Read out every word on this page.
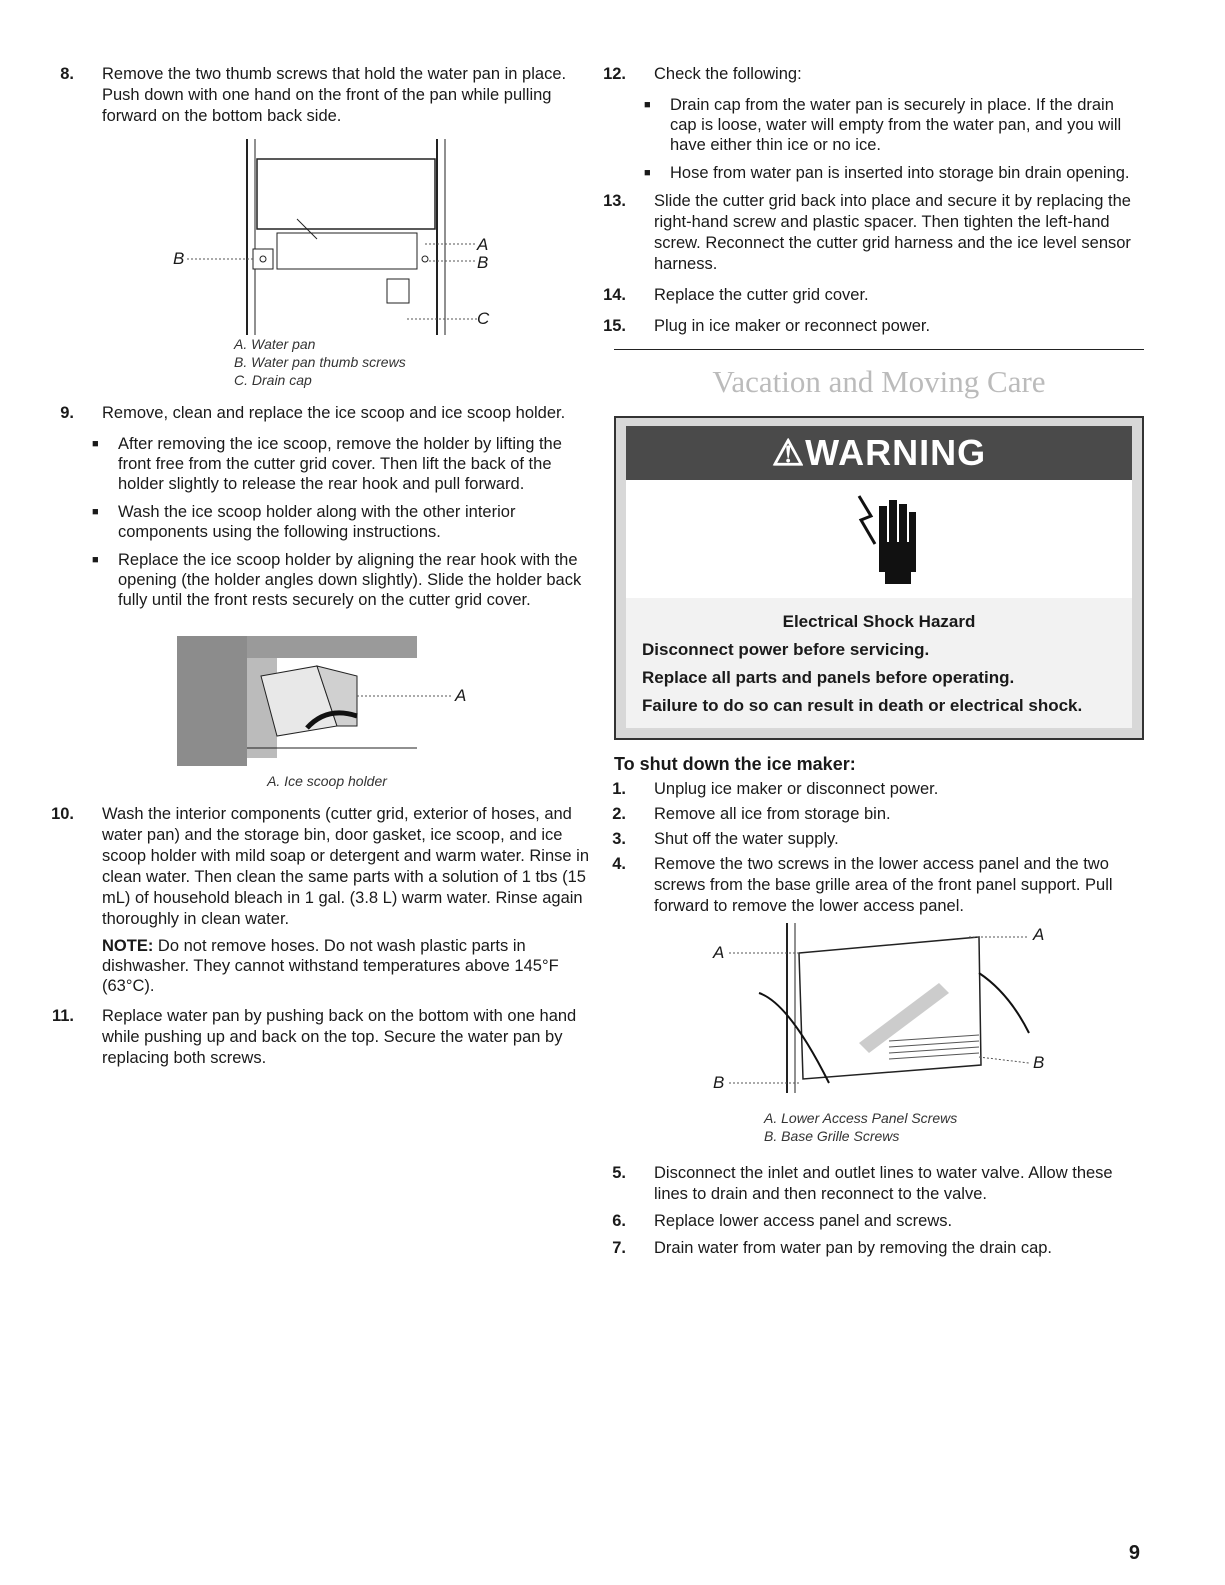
8. Remove the two thumb screws that hold the water pan in place. Push down with one hand on the front of the pan while pulling forward on the bottom back side.
B
A
B
C
A. Water pan
B. Water pan thumb screws
C. Drain cap
9. Remove, clean and replace the ice scoop and ice scoop holder.
■ After removing the ice scoop, remove the holder by lifting the front free from the cutter grid cover. Then lift the back of the holder slightly to release the rear hook and pull forward.
■ Wash the ice scoop holder along with the other interior components using the following instructions.
■ Replace the ice scoop holder by aligning the rear hook with the opening (the holder angles down slightly). Slide the holder back fully until the front rests securely on the cutter grid cover.
A
A. Ice scoop holder
10. Wash the interior components (cutter grid, exterior of hoses, and water pan) and the storage bin, door gasket, ice scoop, and ice scoop holder with mild soap or detergent and warm water. Rinse in clean water. Then clean the same parts with a solution of 1 tbs (15 mL) of household bleach in 1 gal. (3.8 L) warm water. Rinse again thoroughly in clean water.
NOTE: Do not remove hoses. Do not wash plastic parts in dishwasher. They cannot withstand temperatures above 145°F (63°C).
11. Replace water pan by pushing back on the bottom with one hand while pushing up and back on the top. Secure the water pan by replacing both screws.
12. Check the following:
■ Drain cap from the water pan is securely in place. If the drain cap is loose, water will empty from the water pan, and you will have either thin ice or no ice.
■ Hose from water pan is inserted into storage bin drain opening.
13. Slide the cutter grid back into place and secure it by replacing the right-hand screw and plastic spacer. Then tighten the left-hand screw. Reconnect the cutter grid harness and the ice level sensor harness.
14. Replace the cutter grid cover.
15. Plug in ice maker or reconnect power.
Vacation and Moving Care
⚠WARNING
Electrical Shock Hazard
Disconnect power before servicing.
Replace all parts and panels before operating.
Failure to do so can result in death or electrical shock.
To shut down the ice maker:
1. Unplug ice maker or disconnect power.
2. Remove all ice from storage bin.
3. Shut off the water supply.
4. Remove the two screws in the lower access panel and the two screws from the base grille area of the front panel support. Pull forward to remove the lower access panel.
A
A
B
B
A. Lower Access Panel Screws
B. Base Grille Screws
5. Disconnect the inlet and outlet lines to water valve. Allow these lines to drain and then reconnect to the valve.
6. Replace lower access panel and screws.
7. Drain water from water pan by removing the drain cap.
9
